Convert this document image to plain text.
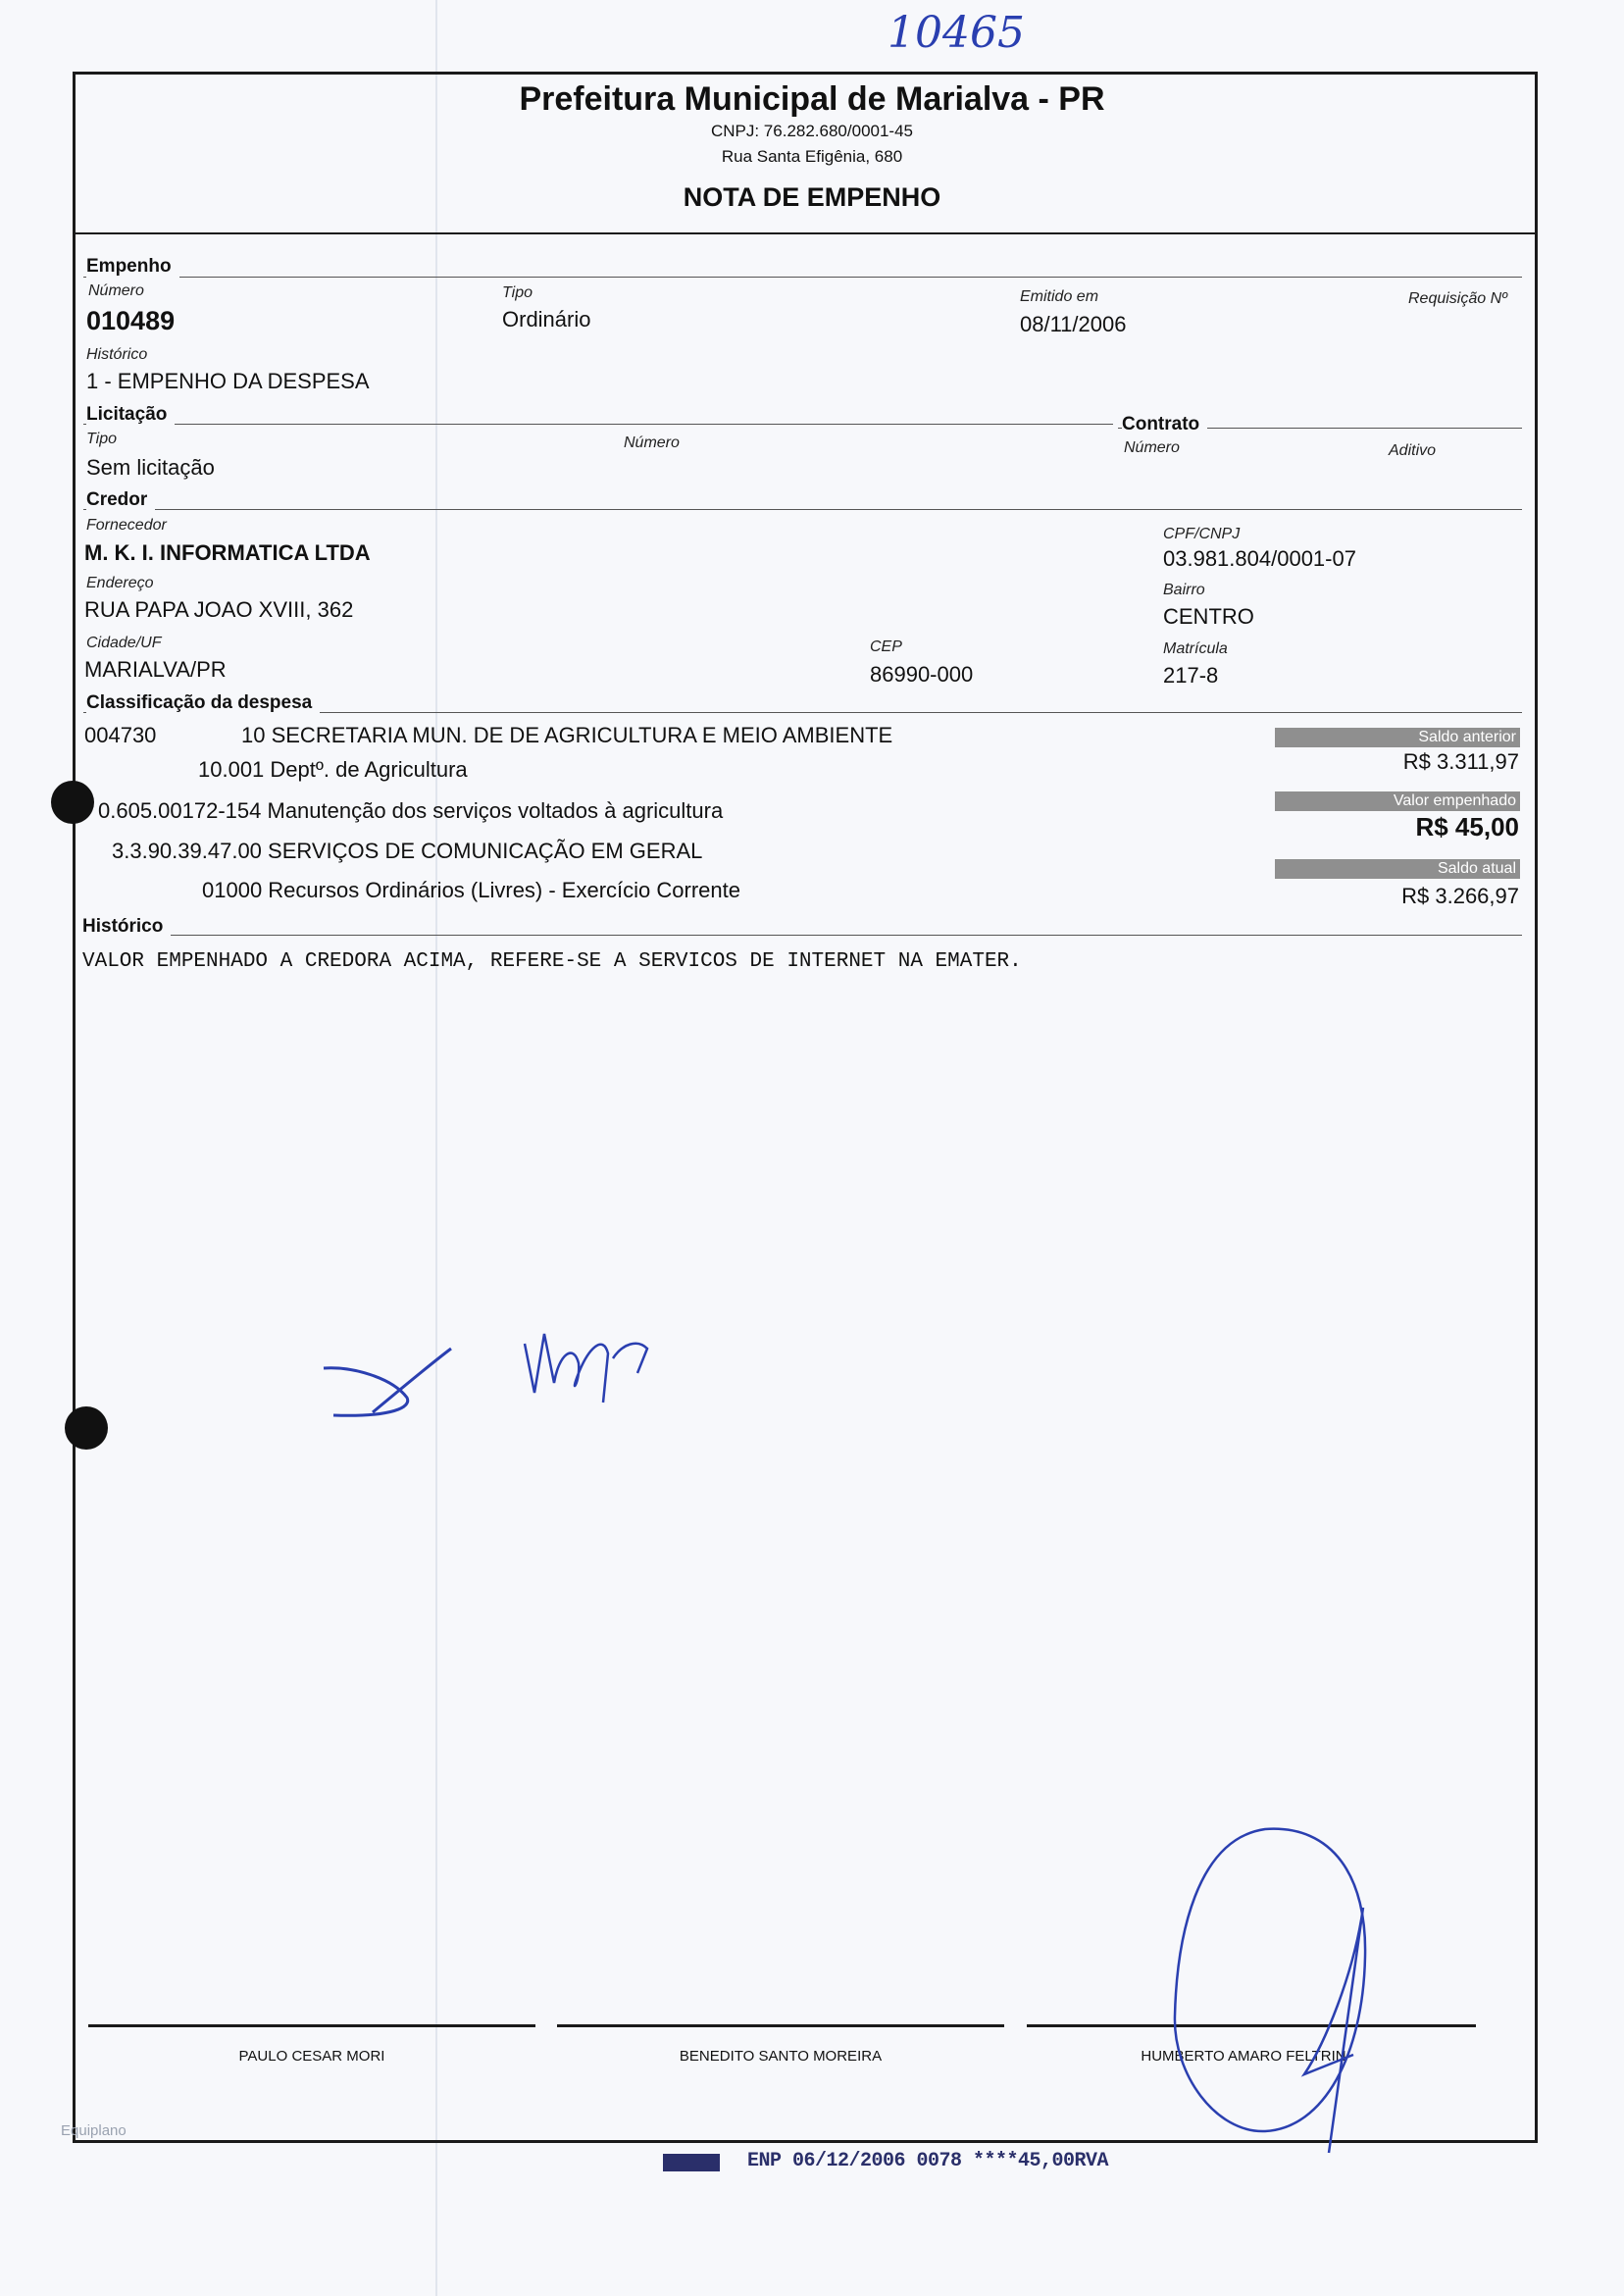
10465
Prefeitura Municipal de Marialva - PR
CNPJ: 76.282.680/0001-45
Rua Santa Efigênia, 680
NOTA DE EMPENHO
Empenho
Número
010489
Tipo
Ordinário
Emitido em
08/11/2006
Requisição Nº
Histórico
1 - EMPENHO DA DESPESA
Licitação
Tipo
Sem licitação
Número
Contrato
Número	Aditivo
Credor
Fornecedor
M. K. I. INFORMATICA LTDA
CPF/CNPJ
03.981.804/0001-07
Endereço
RUA PAPA JOAO XVIII, 362
Bairro
CENTRO
Cidade/UF
MARIALVA/PR
CEP
86990-000
Matrícula
217-8
Classificação da despesa
004730	10 SECRETARIA MUN. DE DE AGRICULTURA E MEIO AMBIENTE
10.001 Deptº. de Agricultura
0.605.00172-154 Manutenção dos serviços voltados à agricultura
3.3.90.39.47.00 SERVIÇOS DE COMUNICAÇÃO EM GERAL
01000 Recursos Ordinários (Livres) - Exercício Corrente
Saldo anterior
R$ 3.311,97
Valor empenhado
R$ 45,00
Saldo atual
R$ 3.266,97
Histórico
VALOR EMPENHADO A CREDORA ACIMA, REFERE-SE A SERVICOS DE INTERNET NA EMATER.
PAULO CESAR MORI	BENEDITO SANTO MOREIRA	HUMBERTO AMARO FELTRIN
Equiplano
ENP 06/12/2006 0078 ****45,00RVA
